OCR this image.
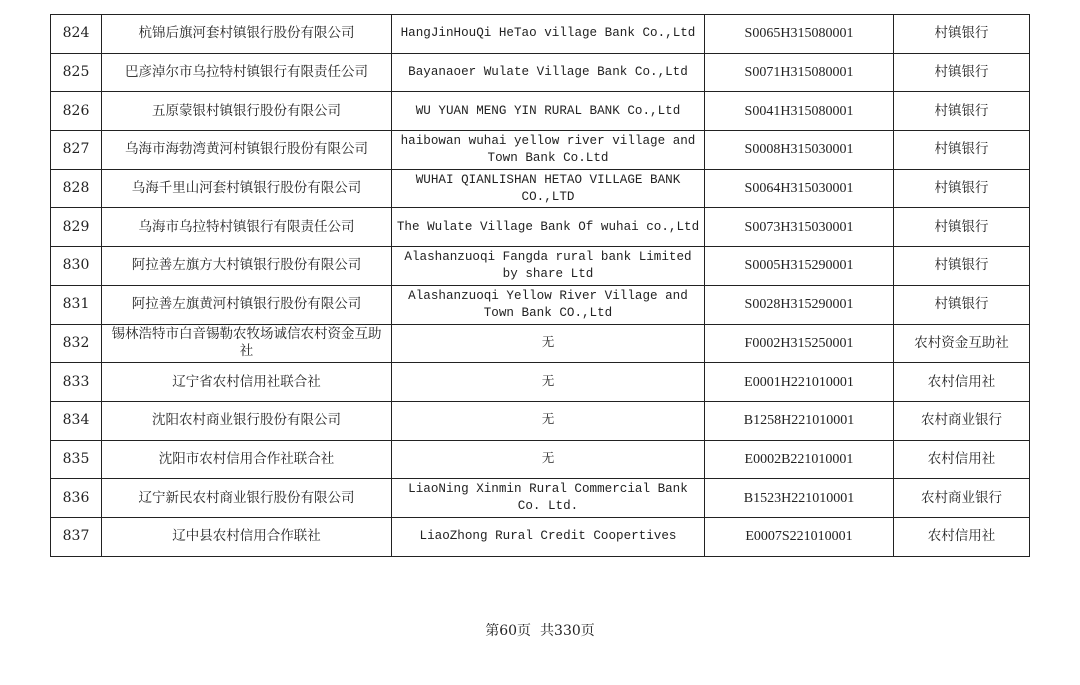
824	杭锦后旗河套村镇银行股份有限公司	HangJinHouQi HeTao village Bank Co.,Ltd	S0065H315080001	村镇银行
825	巴彦淖尔市乌拉特村镇银行有限责任公司	Bayanaoer Wulate Village Bank Co.,Ltd	S0071H315080001	村镇银行
826	五原蒙银村镇银行股份有限公司	WU YUAN MENG YIN RURAL BANK Co.,Ltd	S0041H315080001	村镇银行
827	乌海市海勃湾黄河村镇银行股份有限公司	haibowan wuhai yellow river village and Town Bank Co.Ltd	S0008H315030001	村镇银行
828	乌海千里山河套村镇银行股份有限公司	WUHAI QIANLISHAN HETAO VILLAGE BANK CO.,LTD	S0064H315030001	村镇银行
829	乌海市乌拉特村镇银行有限责任公司	The Wulate Village Bank Of wuhai co.,Ltd	S0073H315030001	村镇银行
830	阿拉善左旗方大村镇银行股份有限公司	Alashanzuoqi Fangda rural bank Limited by share Ltd	S0005H315290001	村镇银行
831	阿拉善左旗黄河村镇银行股份有限公司	Alashanzuoqi Yellow River Village and Town Bank CO.,Ltd	S0028H315290001	村镇银行
832	锡林浩特市白音锡勒农牧场诚信农村资金互助社	无	F0002H315250001	农村资金互助社
833	辽宁省农村信用社联合社	无	E0001H221010001	农村信用社
834	沈阳农村商业银行股份有限公司	无	B1258H221010001	农村商业银行
835	沈阳市农村信用合作社联合社	无	E0002B221010001	农村信用社
836	辽宁新民农村商业银行股份有限公司	LiaoNing Xinmin Rural Commercial Bank Co. Ltd.	B1523H221010001	农村商业银行
837	辽中县农村信用合作联社	LiaoZhong Rural Credit Coopertives	E0007S221010001	农村信用社
第60页 共330页
